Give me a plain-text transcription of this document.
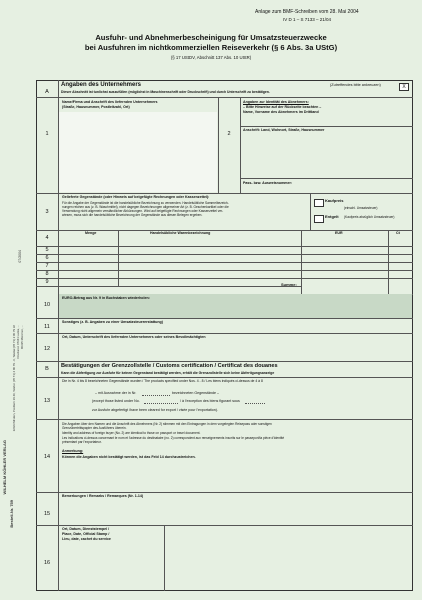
Anlage zum BMF-Schreiben vom 28. Mai 2004
IV D 1 – S 7133 – 21/04
Ausfuhr- und Abnehmerbescheinigung für Umsatzsteuerzwecke
bei Ausfuhren im nichtkommerziellen Reiseverkehr (§ 6 Abs. 3a UStG)
(§ 17 UStDV, Abschnitt 137 Abs. 10 UStR)
07/2004
WILHELM KÖHLER VERLAG
Bestell-Nr. 759
32423 Minden, Postfach 19 40, Telefon (05 71) 2 80 79 - 0, Telefax (05 71) 2 80 79 32 Druckerei: 07641 Lucka, ... 80335 München, ...
A
Angaben des Unternehmers
Dieser Abschnitt ist tunlichst auszufüllen (möglichst in Maschinenschrift oder Druckschrift) und durch Unterschrift zu bestätigen.
(Zutreffendes bitte ankreuzen)	X
1
Name/Firma und Anschrift des liefernden Unternehmers
(Straße, Hausnummer, Postleitzahl, Ort)
2
Angaben zur Identität des Abnehmers:
– Bitte Hinweise auf der Rückseite beachten –
Name, Vorname des Abnehmers im Drittland
Anschrift: Land, Wohnort, Straße, Hausnummer
Pass- bzw. Ausweisnummer:
3
Gelieferte Gegenstände (oder Hinweis auf beigefügte Rechnungen oder Kassenzettel):
Für die Angabe der Gegenstände ist die handelsübliche Bezeichnung zu verwenden. Handelsübliche Sammelbezeich-
nungen reichen aus (z. B. Waschmittel), nicht dagegen Bezeichnungen allgemeiner Art (z. B. Geschenkartikel oder die
Verwendung nicht allgemein verständlicher Abkürzungen. Wird auf beigefügte Rechnungen oder Kassenzettel ver-
wiesen, muss sich die handelsübliche Bezeichnung der Gegenstände aus diesen Belegen ergeben.
Kaufpreis
(einschl. Umsatzsteuer)
Entgelt (Kaufpreis abzüglich Umsatzsteuer)
Menge	Handelsübliche Warenbezeichnung	EUR	Ct
4
5
6
7
8
9	Summe:
EURO-Betrag aus Nr. 9 in Buchstaben wiederholen:
10
Sonstiges (z. B. Angaben zu einer Umsatzsteuererstattung)
11
Ort, Datum, Unterschrift des liefernden Unternehmers oder seines Bevollmächtigten
12
B	Bestätigungen der Grenzzollstelle / Customs certification / Certificat des douanes
Kann die Abfertigung zur Ausfuhr für keinen Gegenstand bestätigt werden, erhält die Grenzzollstelle sich keine Abfertigungsanzeige
13
Die in Nr. 4 bis 8 bezeichneten Gegenstände wurden / The products specified under Nos. 4 - 8 / Les biens indiqués ci-dessus de 4 à 8
– mit Ausnahme der in Nr.	bezeichneten Gegenstände –
(except those listed under No.	/ à l'exception des biens figurant sous
zur Ausfuhr abgefertigt /have been cleared for export / visée pour l'exportation).
14
Die Angaben über den Namen und die Anschrift des Abnehmers (Nr. 2) stimmen mit den Eintragungen in dem vorgelegten Reisepass oder sonstigen
Grenzübertrittspapier des Ausführers überein.
Identity and address of foreign buyer (No. 2) are identical to those on passport or travel document.
Les indications ci-dessus concernant le nom et l'adresse du destinataire (no. 2) correspondent aux renseignements inscrits sur le passeport/la pièce d'identité
présentant par l'exportateur.
Anmerkung:
Können die Angaben nicht bestätigt werden, ist das Feld 14 durchzustreichen.
15
Bemerkungen / Remarks / Remarques (Nr. 1-14)
16
Ort, Datum, Dienststempel /
Place, Date, Official Stamp /
Lieu, date, cachet du service
